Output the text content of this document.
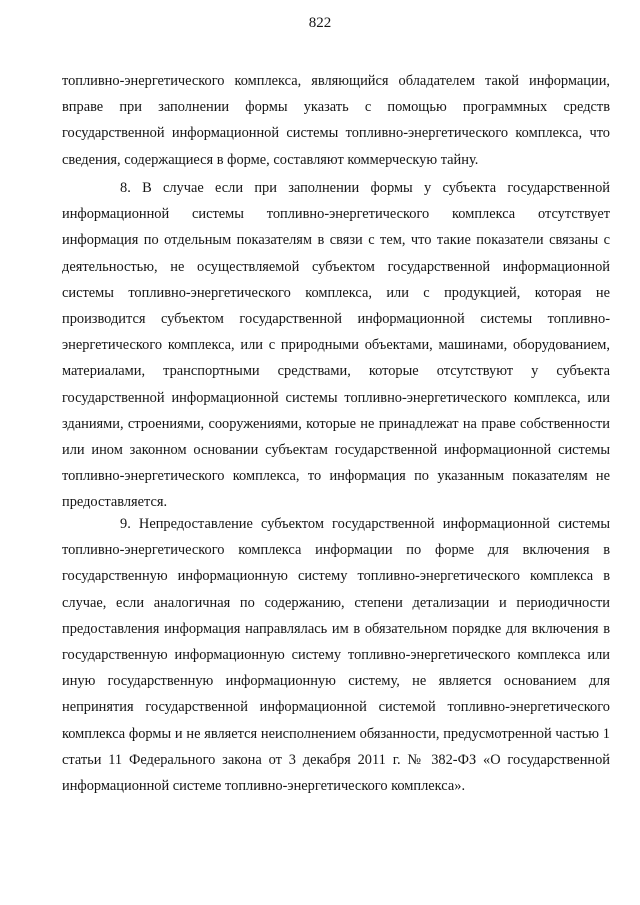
822

топливно-энергетического комплекса, являющийся обладателем такой информации, вправе при заполнении формы указать с помощью программных средств государственной информационной системы топливно-энергетического комплекса, что сведения, содержащиеся в форме, составляют коммерческую тайну.

8. В случае если при заполнении формы у субъекта государственной информационной системы топливно-энергетического комплекса отсутствует информация по отдельным показателям в связи с тем, что такие показатели связаны с деятельностью, не осуществляемой субъектом государственной информационной системы топливно-энергетического комплекса, или с продукцией, которая не производится субъектом государственной информационной системы топливно-энергетического комплекса, или с природными объектами, машинами, оборудованием, материалами, транспортными средствами, которые отсутствуют у субъекта государственной информационной системы топливно-энергетического комплекса, или зданиями, строениями, сооружениями, которые не принадлежат на праве собственности или ином законном основании субъектам государственной информационной системы топливно-энергетического комплекса, то информация по указанным показателям не предоставляется.

9. Непредоставление субъектом государственной информационной системы топливно-энергетического комплекса информации по форме для включения в государственную информационную систему топливно-энергетического комплекса в случае, если аналогичная по содержанию, степени детализации и периодичности предоставления информация направлялась им в обязательном порядке для включения в государственную информационную систему топливно-энергетического комплекса или иную государственную информационную систему, не является основанием для непринятия государственной информационной системой топливно-энергетического комплекса формы и не является неисполнением обязанности, предусмотренной частью 1 статьи 11 Федерального закона от 3 декабря 2011 г. № 382-ФЗ «О государственной информационной системе топливно-энергетического комплекса».
